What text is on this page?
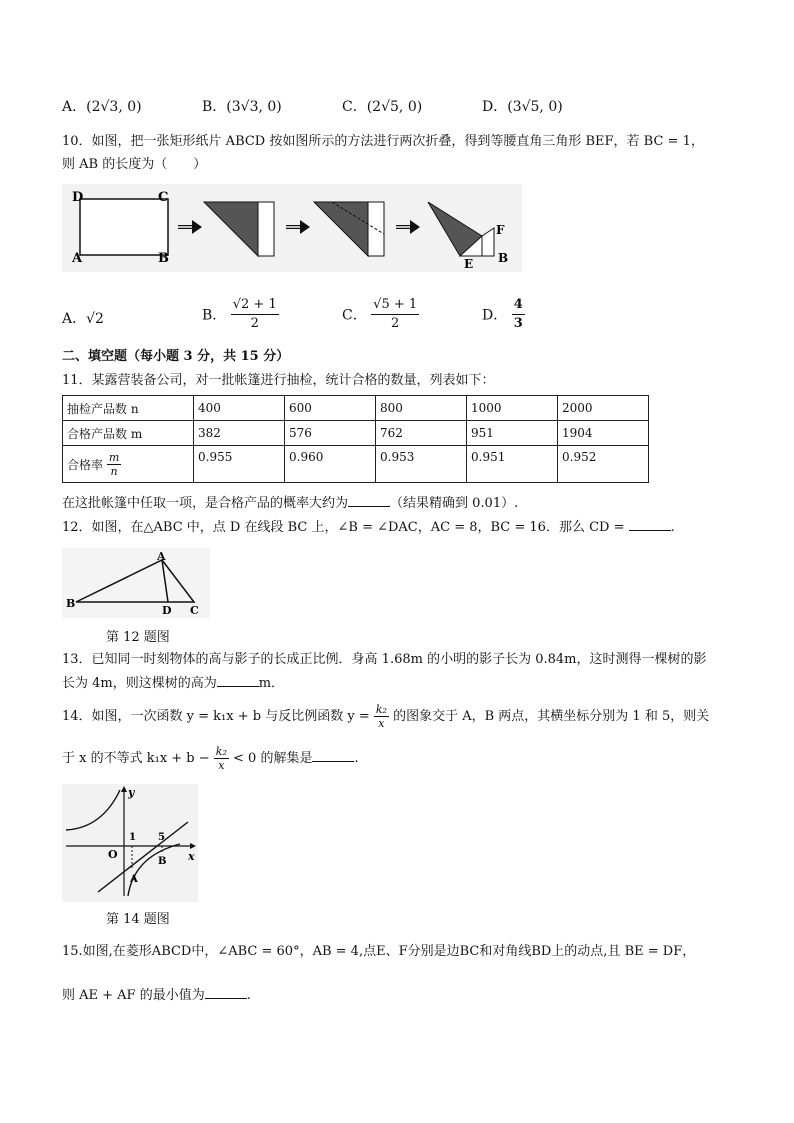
A．(2√3, 0)	B．(3√3, 0)	C．(2√5, 0)	D．(3√5, 0)
10．如图，把一张矩形纸片 ABCD 按如图所示的方法进行两次折叠，得到等腰直角三角形 BEF，若 BC = 1，
则 AB 的长度为（　　）
D	C
A	B
F
E B
A．√2	B． $\frac{√2 + 1}{2}$	C． $\frac{√5 + 1}{2}$	D． $\frac{4}{3}$
二、填空题（每小题 3 分，共 15 分）
11．某露营装备公司，对一批帐篷进行抽检，统计合格的数量，列表如下：
抽检产品数 n	400	600	800	1000	2000
合格产品数 m	382	576	762	951	1904
合格率 $\frac{m}{n}$	0.955	0.960	0.953	0.951	0.952
在这批帐篷中任取一项，是合格产品的概率大约为	（结果精确到 0.01）.
12．如图，在△ABC 中，点 D 在线段 BC 上，∠B = ∠DAC，AC = 8，BC = 16．那么 CD =	.
A
B
D C
第 12 题图
13．已知同一时刻物体的高与影子的长成正比例．身高 1.68m 的小明的影子长为 0.84m，这时测得一棵树的影
长为 4m，则这棵树的高为	m．
14．如图，一次函数 y = k₁x + b 与反比例函数 $y = \frac{\text{k₂}}{x}$ 的图象交于 A，B 两点，其横坐标分别为 1 和 5，则关
于 x 的不等式 $k_1x + b - \frac{\text{k₂}}{x} < 0$ 的解集是	.
y
x
O
1 5
A
B
第 14 题图
15.如图,在菱形ABCD中，∠ABC = 60°，AB = 4,点E、F分别是边BC和对角线BD上的动点,且 BE = DF，
则 AE + AF 的最小值为	.
